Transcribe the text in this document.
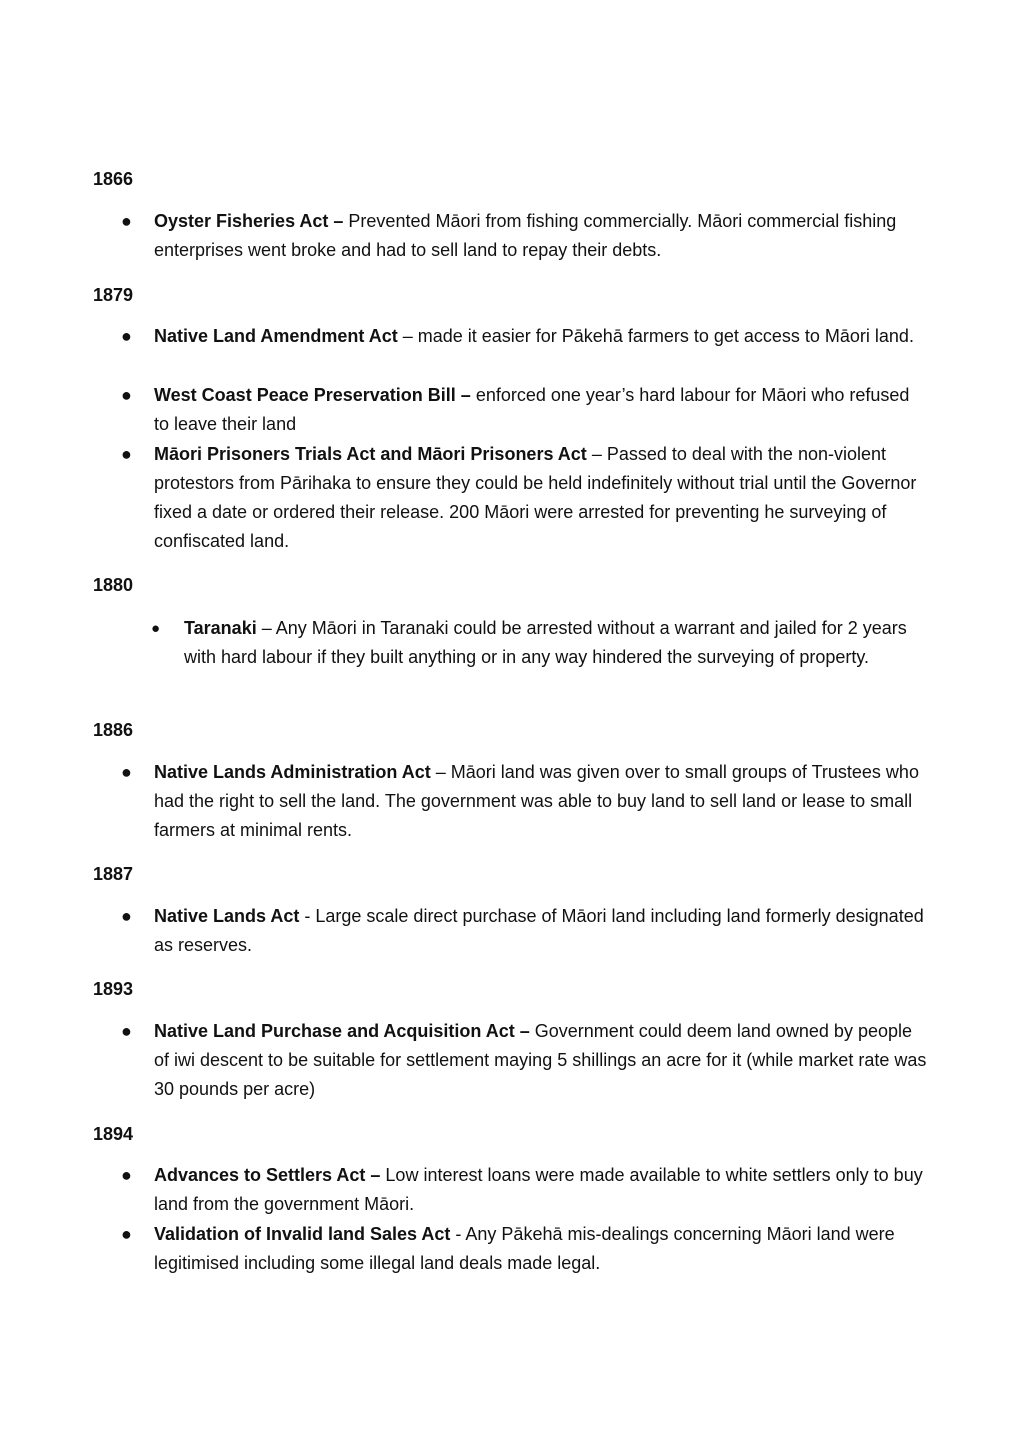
1866
● Oyster Fisheries Act – Prevented Māori from fishing commercially. Māori commercial fishing enterprises went broke and had to sell land to repay their debts.
1879
● Native Land Amendment Act – made it easier for Pākehā farmers to get access to Māori land.
● West Coast Peace Preservation Bill – enforced one year’s hard labour for Māori who refused to leave their land
● Māori Prisoners Trials Act and Māori Prisoners Act – Passed to deal with the non-violent protestors from Pārihaka to ensure they could be held indefinitely without trial until the Governor fixed a date or ordered their release. 200 Māori were arrested for preventing he surveying of confiscated land.
1880
● Taranaki – Any Māori in Taranaki could be arrested without a warrant and jailed for 2 years with hard labour if they built anything or in any way hindered the surveying of property.
1886
● Native Lands Administration Act – Māori land was given over to small groups of Trustees who had the right to sell the land. The government was able to buy land to sell land or lease to small farmers at minimal rents.
1887
● Native Lands Act - Large scale direct purchase of Māori land including land formerly designated as reserves.
1893
● Native Land Purchase and Acquisition Act – Government could deem land owned by people of iwi descent to be suitable for settlement maying 5 shillings an acre for it (while market rate was 30 pounds per acre)
1894
● Advances to Settlers Act – Low interest loans were made available to white settlers only to buy land from the government Māori.
● Validation of Invalid land Sales Act - Any Pākehā mis-dealings concerning Māori land were legitimised including some illegal land deals made legal.
